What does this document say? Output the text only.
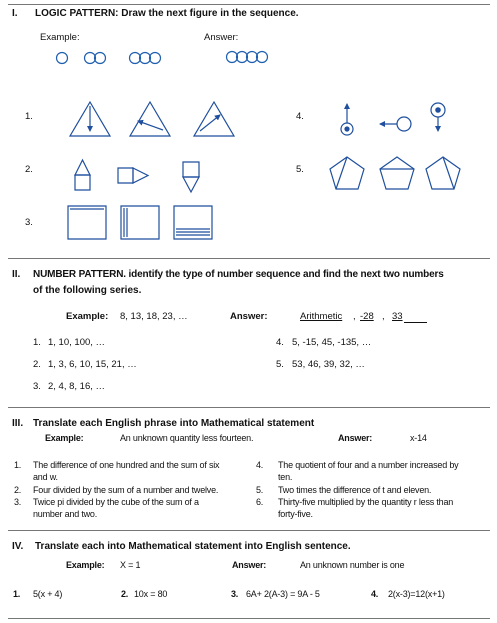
I. LOGIC PATTERN: Draw the next figure in the sequence.
Example:	Answer:
1.
2.
3.
4.
5.
II. NUMBER PATTERN. identify the type of number sequence and find the next two numbers
of the following series.
Example: 8, 13, 18, 23, …	Answer:	Arithmetic , -28 , 33
1. 1, 10, 100, …
2. 1, 3, 6, 10, 15, 21, …
3. 2, 4, 8, 16, …
4. 5, -15, 45, -135, …
5. 53, 46, 39, 32, …
III. Translate each English phrase into Mathematical statement
Example:	An unknown quantity less fourteen.	Answer:	x-14
1. The difference of one hundred and the sum of six
and w.
2. Four divided by the sum of a number and twelve.
3. Twice pi divided by the cube of the sum of a
number and two.
4. The quotient of four and a number increased by
ten.
5. Two times the difference of t and eleven.
6. Thirty-five multiplied by the quantity r less than
forty-five.
IV. Translate each into Mathematical statement into English sentence.
Example: X = 1	Answer:	An unknown number is one
1. 5(x + 4)	2. 10x = 80	3. 6A+ 2(A-3) = 9A - 5	4. 2(x-3)=12(x+1)
